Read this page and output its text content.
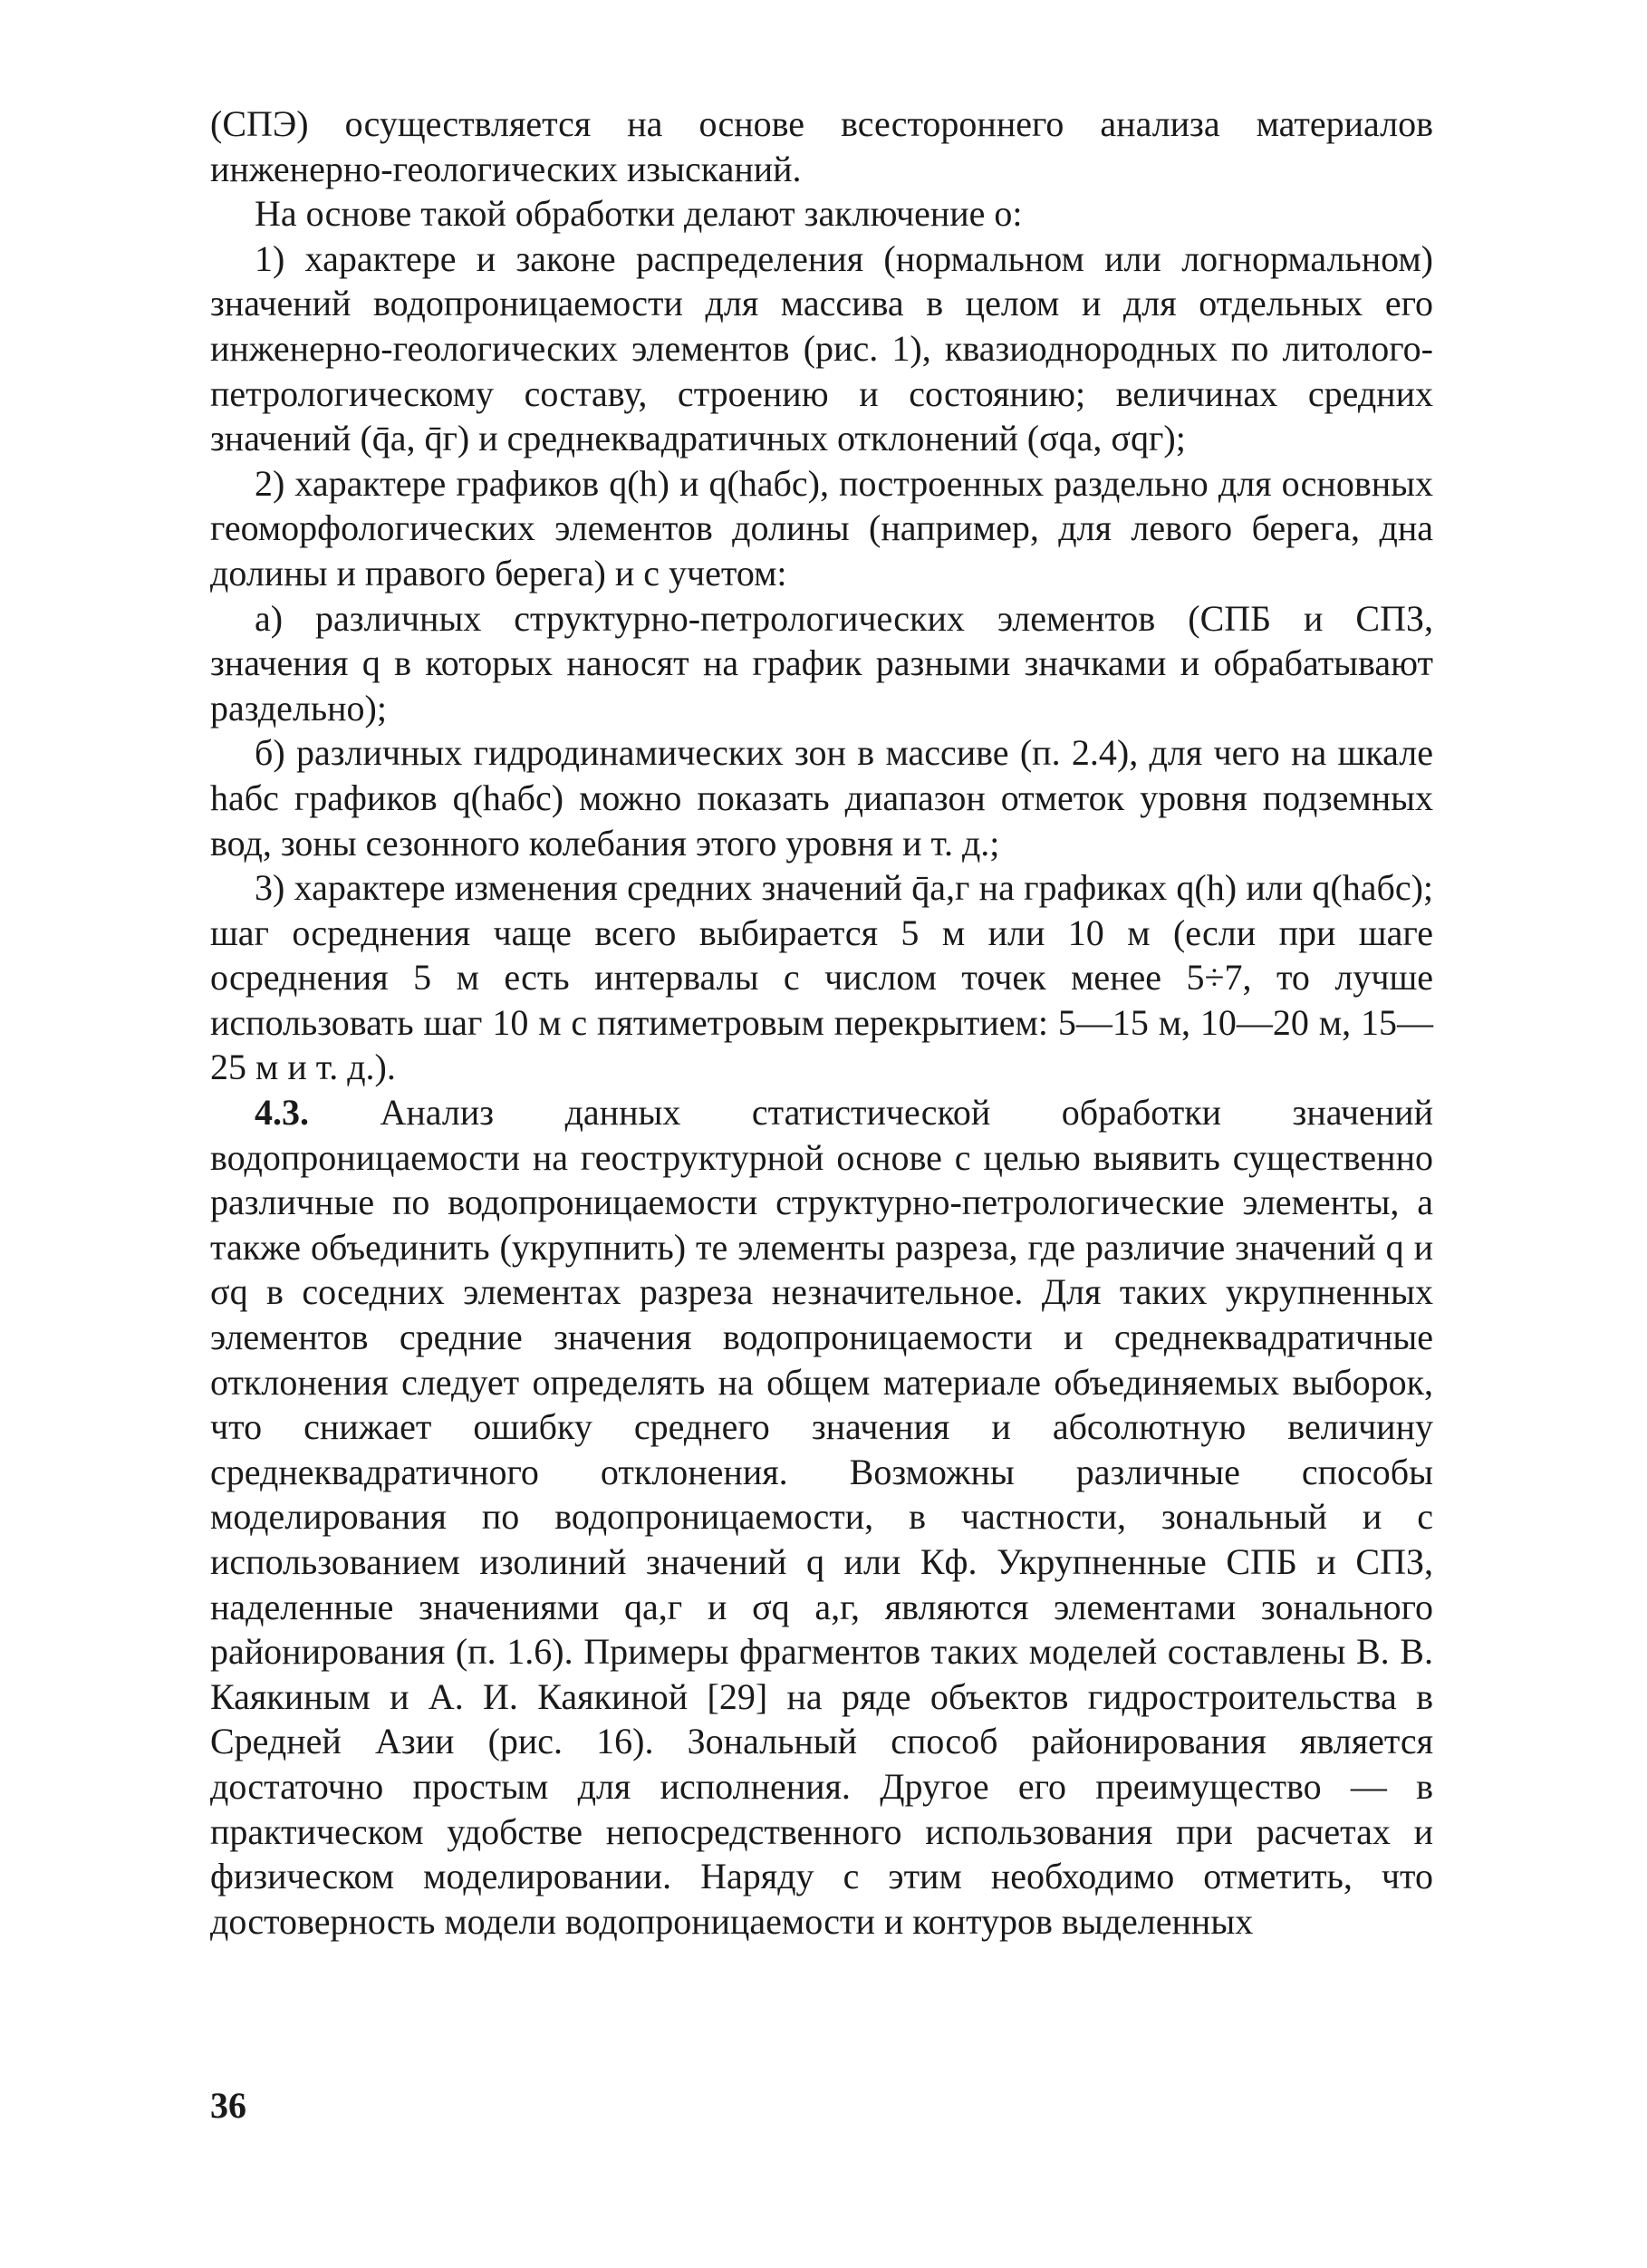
(СПЭ) осуществляется на основе всестороннего анализа материалов инженерно-геологических изысканий.

На основе такой обработки делают заключение о:

1) характере и законе распределения (нормальном или логнормальном) значений водопроницаемости для массива в целом и для отдельных его инженерно-геологических элементов (рис. 1), квазиоднородных по литолого-петрологическому составу, строению и состоянию; величинах средних значений (q̄а, q̄г) и среднеквадратичных отклонений (σqа, σqг);

2) характере графиков q(h) и q(hабс), построенных раздельно для основных геоморфологических элементов долины (например, для левого берега, дна долины и правого берега) и с учетом:

а) различных структурно-петрологических элементов (СПБ и СПЗ, значения q в которых наносят на график разными значками и обрабатывают раздельно);

б) различных гидродинамических зон в массиве (п. 2.4), для чего на шкале hабс графиков q(hабс) можно показать диапазон отметок уровня подземных вод, зоны сезонного колебания этого уровня и т. д.;

3) характере изменения средних значений q̄а,г на графиках q(h) или q(hабс); шаг осреднения чаще всего выбирается 5 м или 10 м (если при шаге осреднения 5 м есть интервалы с числом точек менее 5÷7, то лучше использовать шаг 10 м с пятиметровым перекрытием: 5—15 м, 10—20 м, 15—25 м и т. д.).

4.3. Анализ данных статистической обработки значений водопроницаемости на геоструктурной основе с целью выявить существенно различные по водопроницаемости структурно-петрологические элементы, а также объединить (укрупнить) те элементы разреза, где различие значений q и σq в соседних элементах разреза незначительное. Для таких укрупненных элементов средние значения водопроницаемости и среднеквадратичные отклонения следует определять на общем материале объединяемых выборок, что снижает ошибку среднего значения и абсолютную величину среднеквадратичного отклонения. Возможны различные способы моделирования по водопроницаемости, в частности, зональный и с использованием изолиний значений q или Кф. Укрупненные СПБ и СПЗ, наделенные значениями qа,г и σq а,г, являются элементами зонального районирования (п. 1.6). Примеры фрагментов таких моделей составлены В. В. Каякиным и А. И. Каякиной [29] на ряде объектов гидростроительства в Средней Азии (рис. 16). Зональный способ районирования является достаточно простым для исполнения. Другое его преимущество — в практическом удобстве непосредственного использования при расчетах и физическом моделировании. Наряду с этим необходимо отметить, что достоверность модели водопроницаемости и контуров выделенных

36
